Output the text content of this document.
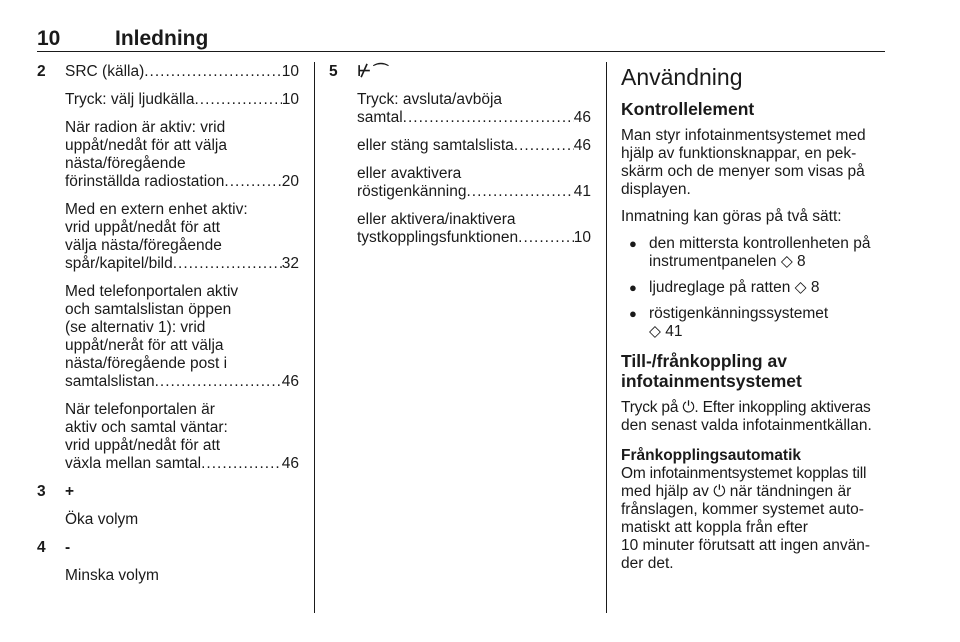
10	Inledning
2 SRC (källa) .....	10
Tryck: välj ljudkälla .....	10
När radion är aktiv: vrid
uppåt/nedåt för att välja
nästa/föregående
förinställda radiostation .....	20
Med en extern enhet aktiv:
vrid uppåt/nedåt för att
välja nästa/föregående
spår/kapitel/bild .....	32
Med telefonportalen aktiv
och samtalslistan öppen
(se alternativ 1): vrid
uppåt/neråt för att välja
nästa/föregående post i
samtalslistan .....	46
När telefonportalen är
aktiv och samtal väntar:
vrid uppåt/nedåt för att
växla mellan samtal .....	46
3 +
Öka volym
4 -
Minska volym
5 ⊬⌒
Tryck: avsluta/avböja
samtal .....	46
eller stäng samtalslista .....	46
eller avaktivera
röstigenkänning .....	41
eller aktivera/inaktivera
tystkopplingsfunktionen .....	10
Användning
Kontrollelement

Man styr infotainmentsystemet med
hjälp av funktionsknappar, en pek-
skärm och de menyer som visas på
displayen.

Inmatning kan göras på två sätt:

● den mittersta kontrollenheten på
instrumentpanelen ◇ 8
● ljudreglage på ratten ◇ 8
● röstigenkänningssystemet
◇ 41
Till-/frånkoppling av
infotainmentsystemet

Tryck på ⏻. Efter inkoppling aktiveras
den senast valda infotainmentkällan.

Frånkopplingsautomatik

Om infotainmentsystemet kopplas till
med hjälp av ⏻ när tändningen är
frånslagen, kommer systemet auto-
matiskt att koppla från efter
10 minuter förutsatt att ingen använ-
der det.
